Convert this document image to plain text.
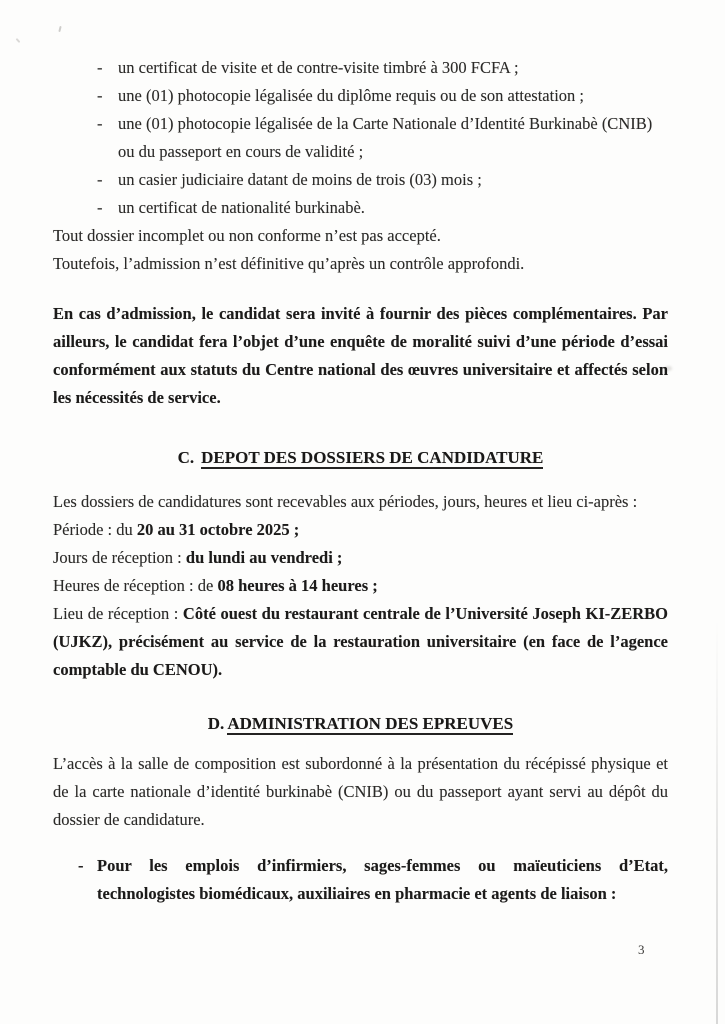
- un certificat de visite et de contre-visite timbré à 300 FCFA ;
- une (01) photocopie légalisée du diplôme requis ou de son attestation ;
- une (01) photocopie légalisée de la Carte Nationale d’Identité Burkinabè (CNIB) ou du passeport en cours de validité ;
- un casier judiciaire datant de moins de trois (03) mois ;
- un certificat de nationalité burkinabè.

Tout dossier incomplet ou non conforme n’est pas accepté.

Toutefois, l’admission n’est définitive qu’après un contrôle approfondi.

En cas d’admission, le candidat sera invité à fournir des pièces complémentaires. Par ailleurs, le candidat fera l’objet d’une enquête de moralité suivi d’une période d’essai conformément aux statuts du Centre national des œuvres universitaire et affectés selon les nécessités de service.

C. DEPOT DES DOSSIERS DE CANDIDATURE

Les dossiers de candidatures sont recevables aux périodes, jours, heures et lieu ci-après :

Période : du 20 au 31 octobre 2025 ;

Jours de réception : du lundi au vendredi ;

Heures de réception : de 08 heures à 14 heures ;

Lieu de réception : Côté ouest du restaurant centrale de l’Université Joseph KI-ZERBO (UJKZ), précisément au service de la restauration universitaire (en face de l’agence comptable du CENOU).

D. ADMINISTRATION DES EPREUVES

L’accès à la salle de composition est subordonné à la présentation du récépissé physique et de la carte nationale d’identité burkinabè (CNIB) ou du passeport ayant servi au dépôt du dossier de candidature.

- Pour les emplois d’infirmiers, sages-femmes ou maïeuticiens d’Etat, technologistes biomédicaux, auxiliaires en pharmacie et agents de liaison :
3
